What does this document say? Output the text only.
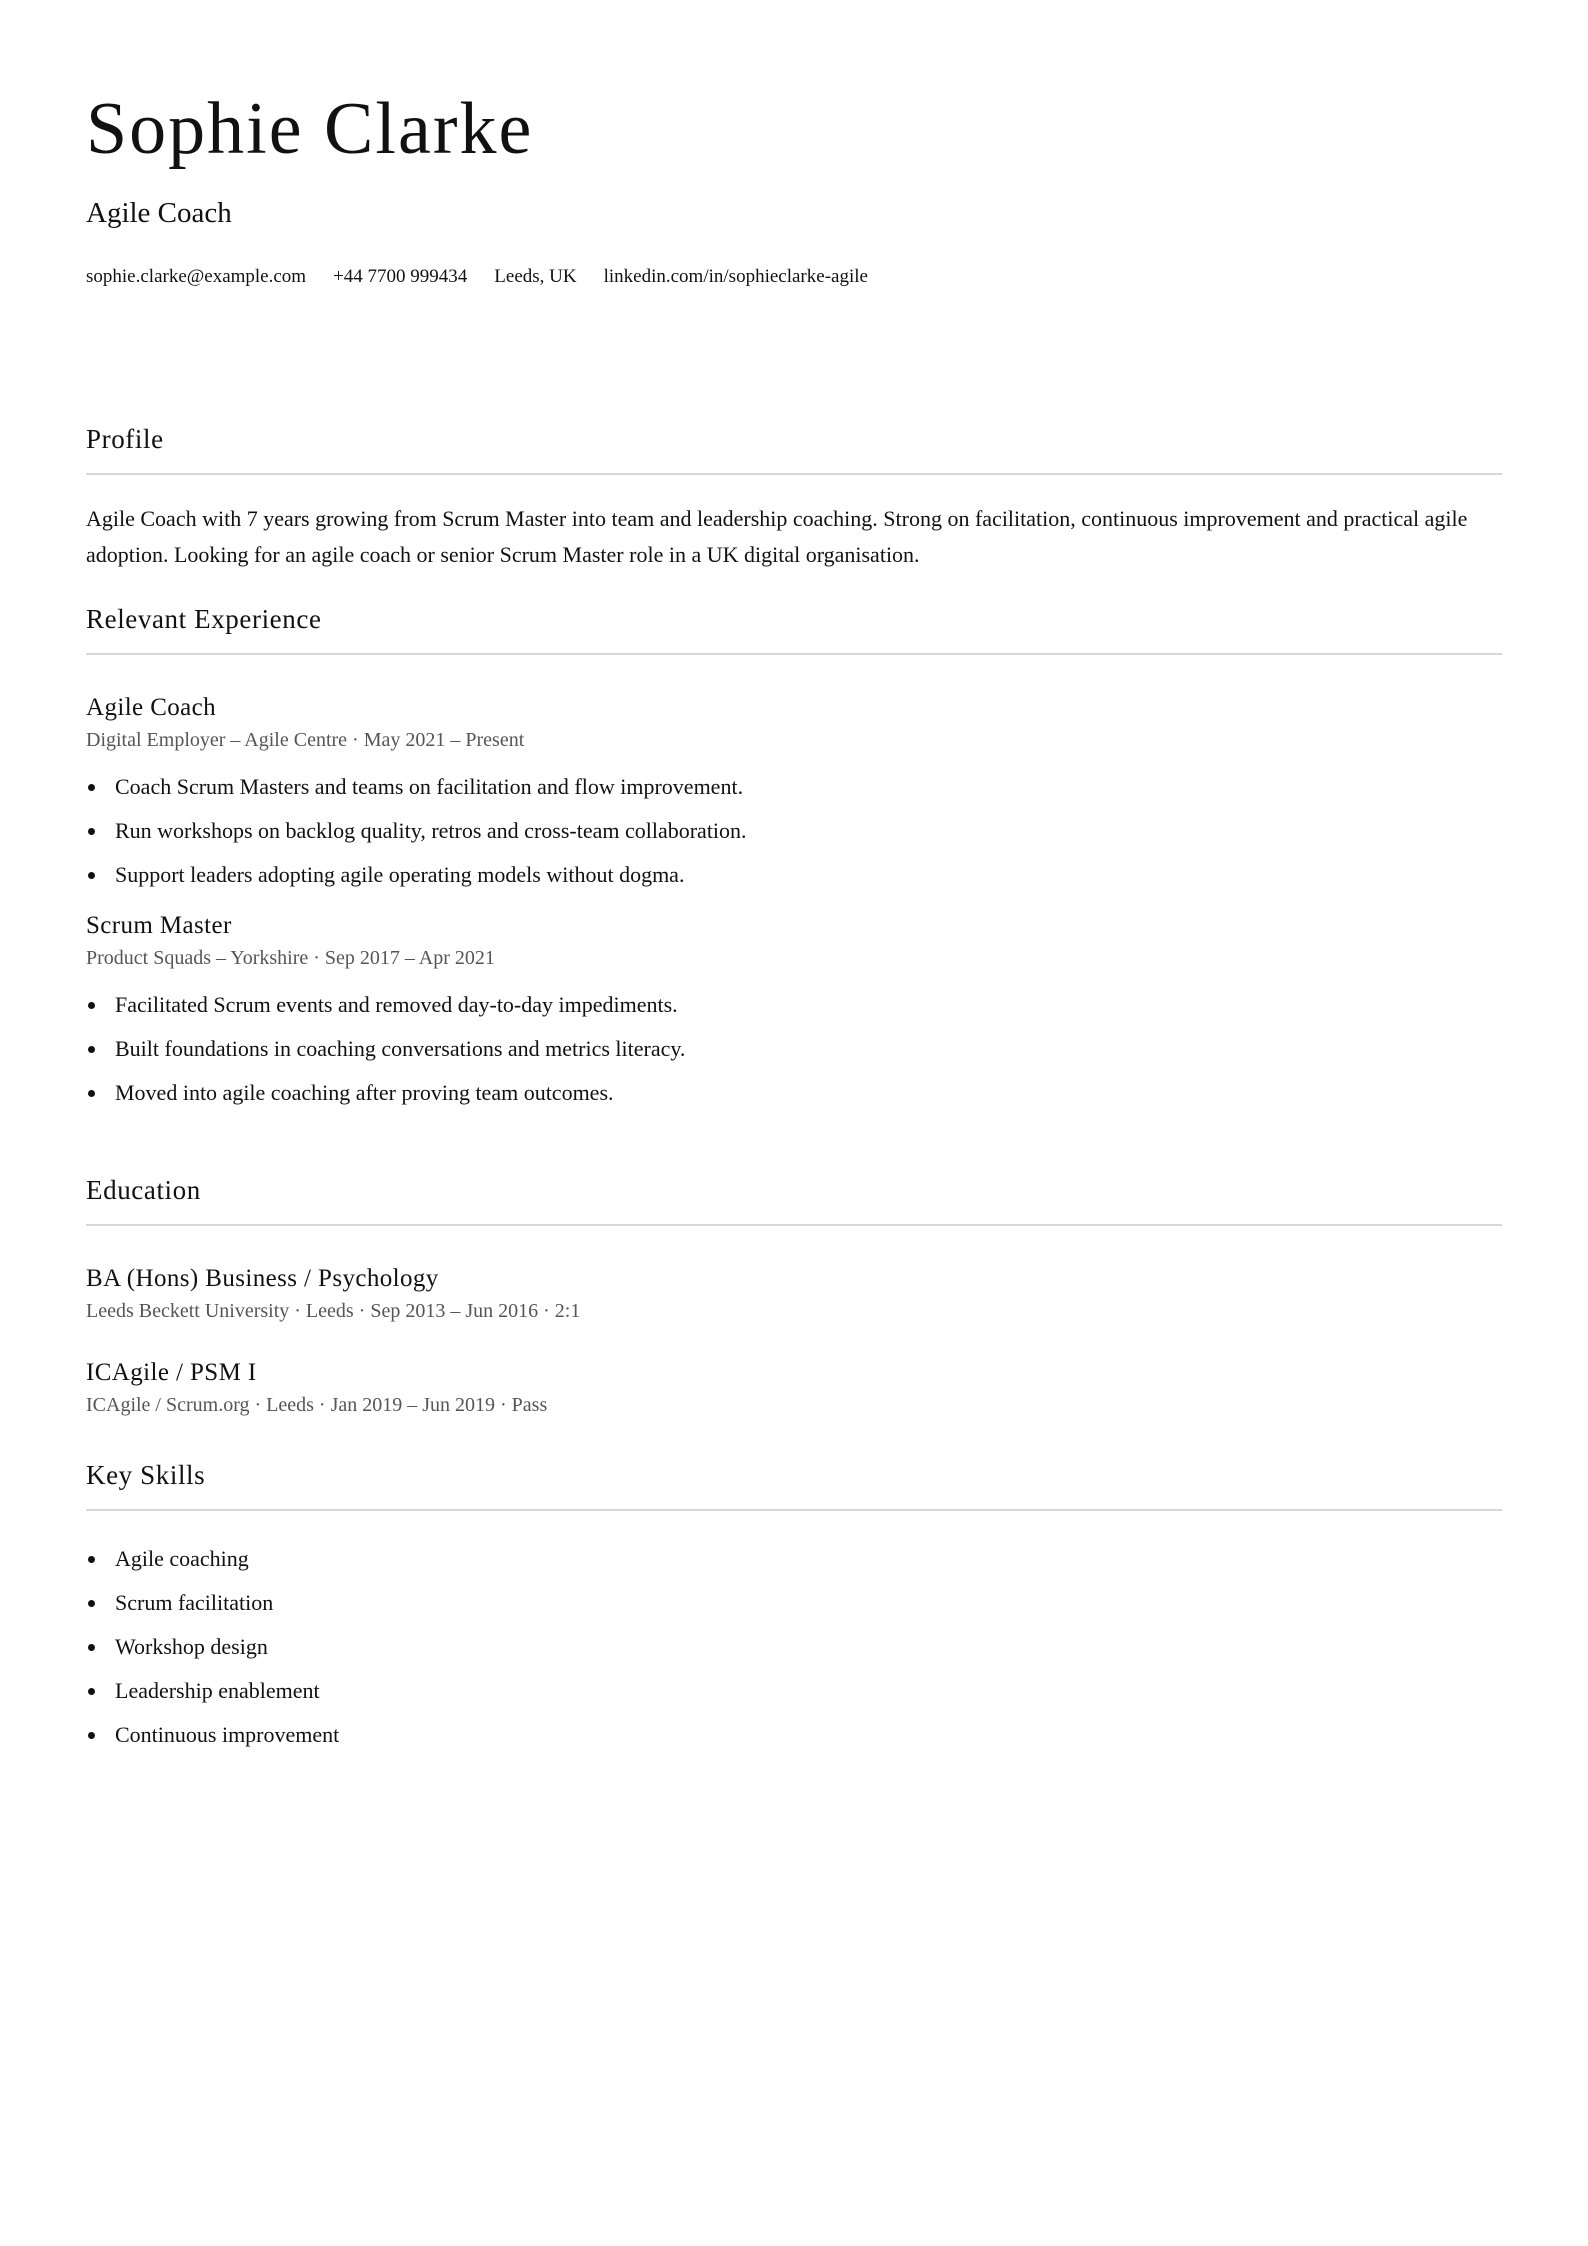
Sophie Clarke
Agile Coach
sophie.clarke@example.com +44 7700 999434 Leeds, UK linkedin.com/in/sophieclarke-agile
Profile

Agile Coach with 7 years growing from Scrum Master into team and leadership coaching. Strong on facilitation, continuous improvement and practical agile adoption. Looking for an agile coach or senior Scrum Master role in a UK digital organisation.

Relevant Experience
Agile Coach

Digital Employer – Agile Centre · May 2021 – Present

Coach Scrum Masters and teams on facilitation and flow improvement.
Run workshops on backlog quality, retros and cross-team collaboration.
Support leaders adopting agile operating models without dogma.
Scrum Master

Product Squads – Yorkshire · Sep 2017 – Apr 2021

Facilitated Scrum events and removed day-to-day impediments.
Built foundations in coaching conversations and metrics literacy.
Moved into agile coaching after proving team outcomes.
Education
BA (Hons) Business / Psychology

Leeds Beckett University · Leeds · Sep 2013 – Jun 2016 · 2:1

ICAgile / PSM I

ICAgile / Scrum.org · Leeds · Jan 2019 – Jun 2019 · Pass

Key Skills
Agile coaching
Scrum facilitation
Workshop design
Leadership enablement
Continuous improvement
